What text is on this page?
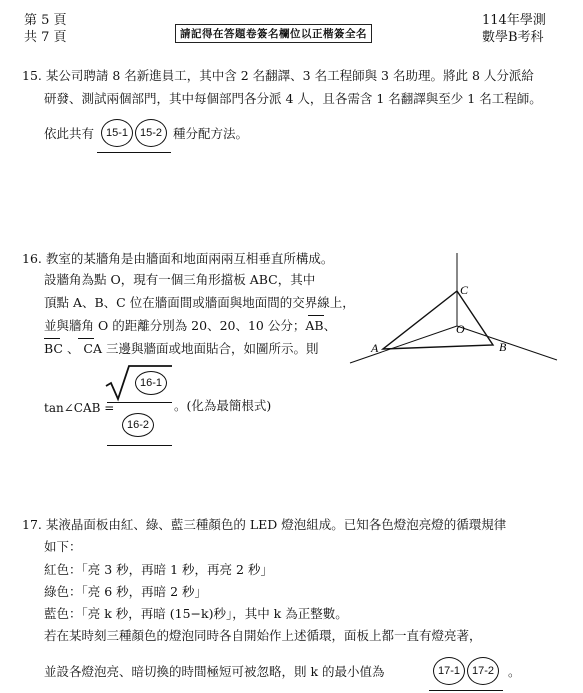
第 5 頁
共 7 頁	請記得在答題卷簽名欄位以正楷簽全名
114年學測
數學B考科
15. 某公司聘請 8 名新進員工，其中含 2 名翻譯、3 名工程師與 3 名助理。將此 8 人分派給
研發、測試兩個部門，其中每個部門各分派 4 人，且各需含 1 名翻譯與至少 1 名工程師。
依此共有	15-1	15-2 種分配方法。
16. 教室的某牆角是由牆面和地面兩兩互相垂直所構成。
設牆角為點 O，現有一個三角形擋板 ABC，其中
頂點 A、B、C 位在牆面間或牆面與地面間的交界線上，
並與牆角 O 的距離分別為 20、20、10 公分；AB、
BC 、 CA 三邊與牆面或地面貼合，如圖所示。則
tan∠CAB =
16-1
16-2
。(化為最簡根式)
A	B
C
O
17. 某液晶面板由紅、綠、藍三種顏色的 LED 燈泡組成。已知各色燈泡亮燈的循環規律
如下：
紅色：「亮 3 秒，再暗 1 秒，再亮 2 秒」
綠色：「亮 6 秒，再暗 2 秒」
藍色：「亮 k 秒，再暗 (15−k)秒」，其中 k 為正整數。
若在某時刻三種顏色的燈泡同時各自開始作上述循環，面板上都一直有燈亮著，
並設各燈泡亮、暗切換的時間極短可被忽略，則 k 的最小值為	17-1	17-2	。
